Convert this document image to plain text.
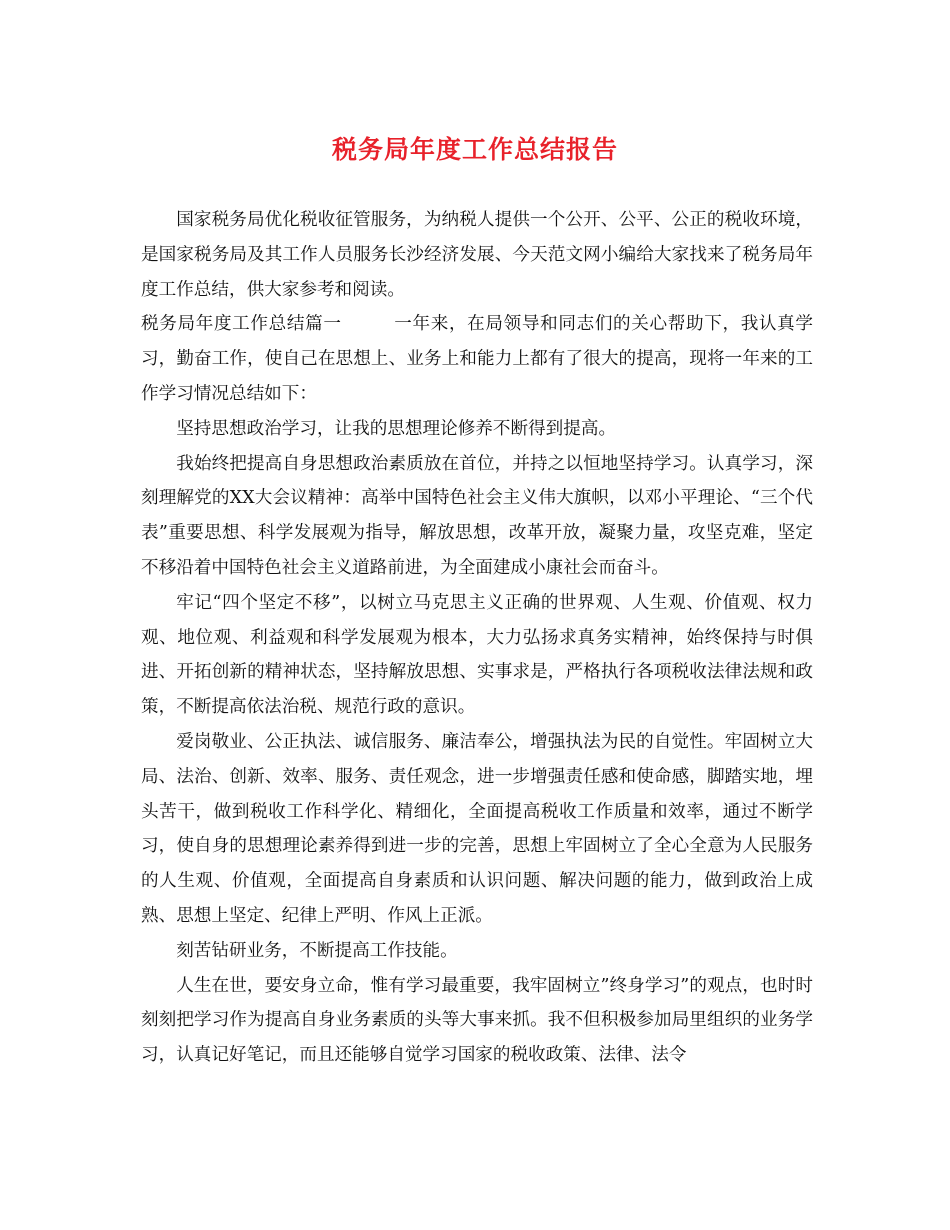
税务局年度工作总结报告

国家税务局优化税收征管服务，为纳税人提供一个公开、公平、公正的税收环境，是国家税务局及其工作人员服务长沙经济发展、今天范文网小编给大家找来了税务局年度工作总结，供大家参考和阅读。

税务局年度工作总结篇一	一年来，在局领导和同志们的关心帮助下，我认真学习，勤奋工作，使自己在思想上、业务上和能力上都有了很大的提高，现将一年来的工作学习情况总结如下：

坚持思想政治学习，让我的思想理论修养不断得到提高。

我始终把提高自身思想政治素质放在首位，并持之以恒地坚持学习。认真学习，深刻理解党的XX大会议精神：高举中国特色社会主义伟大旗帜，以邓小平理论、“三个代表”重要思想、科学发展观为指导，解放思想，改革开放，凝聚力量，攻坚克难，坚定不移沿着中国特色社会主义道路前进，为全面建成小康社会而奋斗。

牢记“四个坚定不移”，以树立马克思主义正确的世界观、人生观、价值观、权力观、地位观、利益观和科学发展观为根本，大力弘扬求真务实精神，始终保持与时俱进、开拓创新的精神状态，坚持解放思想、实事求是，严格执行各项税收法律法规和政策，不断提高依法治税、规范行政的意识。

爱岗敬业、公正执法、诚信服务、廉洁奉公，增强执法为民的自觉性。牢固树立大局、法治、创新、效率、服务、责任观念，进一步增强责任感和使命感，脚踏实地，埋头苦干，做到税收工作科学化、精细化，全面提高税收工作质量和效率，通过不断学习，使自身的思想理论素养得到进一步的完善，思想上牢固树立了全心全意为人民服务的人生观、价值观，全面提高自身素质和认识问题、解决问题的能力，做到政治上成熟、思想上坚定、纪律上严明、作风上正派。

刻苦钻研业务，不断提高工作技能。

人生在世，要安身立命，惟有学习最重要，我牢固树立”终身学习”的观点，也时时刻刻把学习作为提高自身业务素质的头等大事来抓。我不但积极参加局里组织的业务学习，认真记好笔记，而且还能够自觉学习国家的税收政策、法律、法令
